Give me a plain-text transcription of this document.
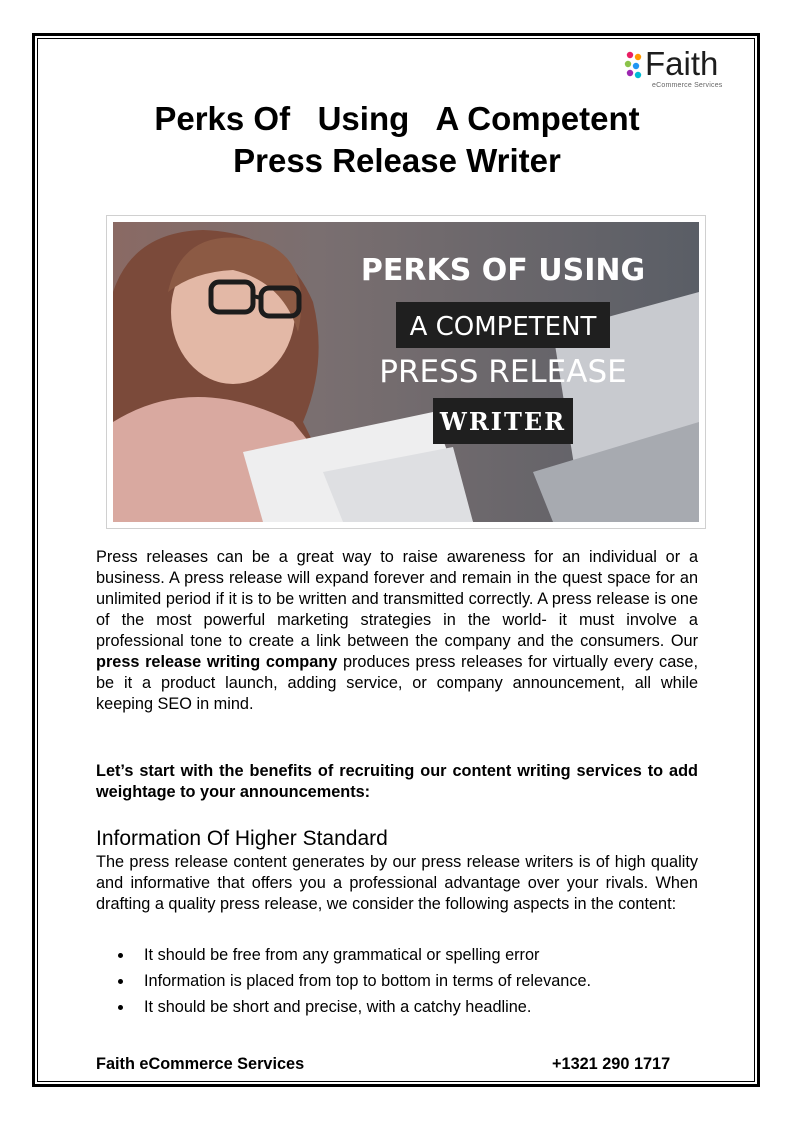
Faith
eCommerce Services
Perks Of   Using   A Competent
Press Release Writer
PERKS OF USING
A COMPETENT
PRESS RELEASE
WRITER

Press releases can be a great way to raise awareness for an individual or a business. A press release will expand forever and remain in the quest space for an unlimited period if it is to be written and transmitted correctly. A press release is one of the most powerful marketing strategies in the world- it must involve a professional tone to create a link between the company and the consumers. Our press release writing company produces press releases for virtually every case, be it a product launch, adding service, or company announcement, all while keeping SEO in mind.

Let’s start with the benefits of recruiting our content writing services to add weightage to your announcements:

Information Of Higher Standard

The press release content generates by our press release writers is of high quality and informative that offers you a professional advantage over your rivals. When drafting a quality press release, we consider the following aspects in the content:

It should be free from any grammatical or spelling error
Information is placed from top to bottom in terms of relevance.
It should be short and precise, with a catchy headline.
Faith eCommerce Services	+1321 290 1717
